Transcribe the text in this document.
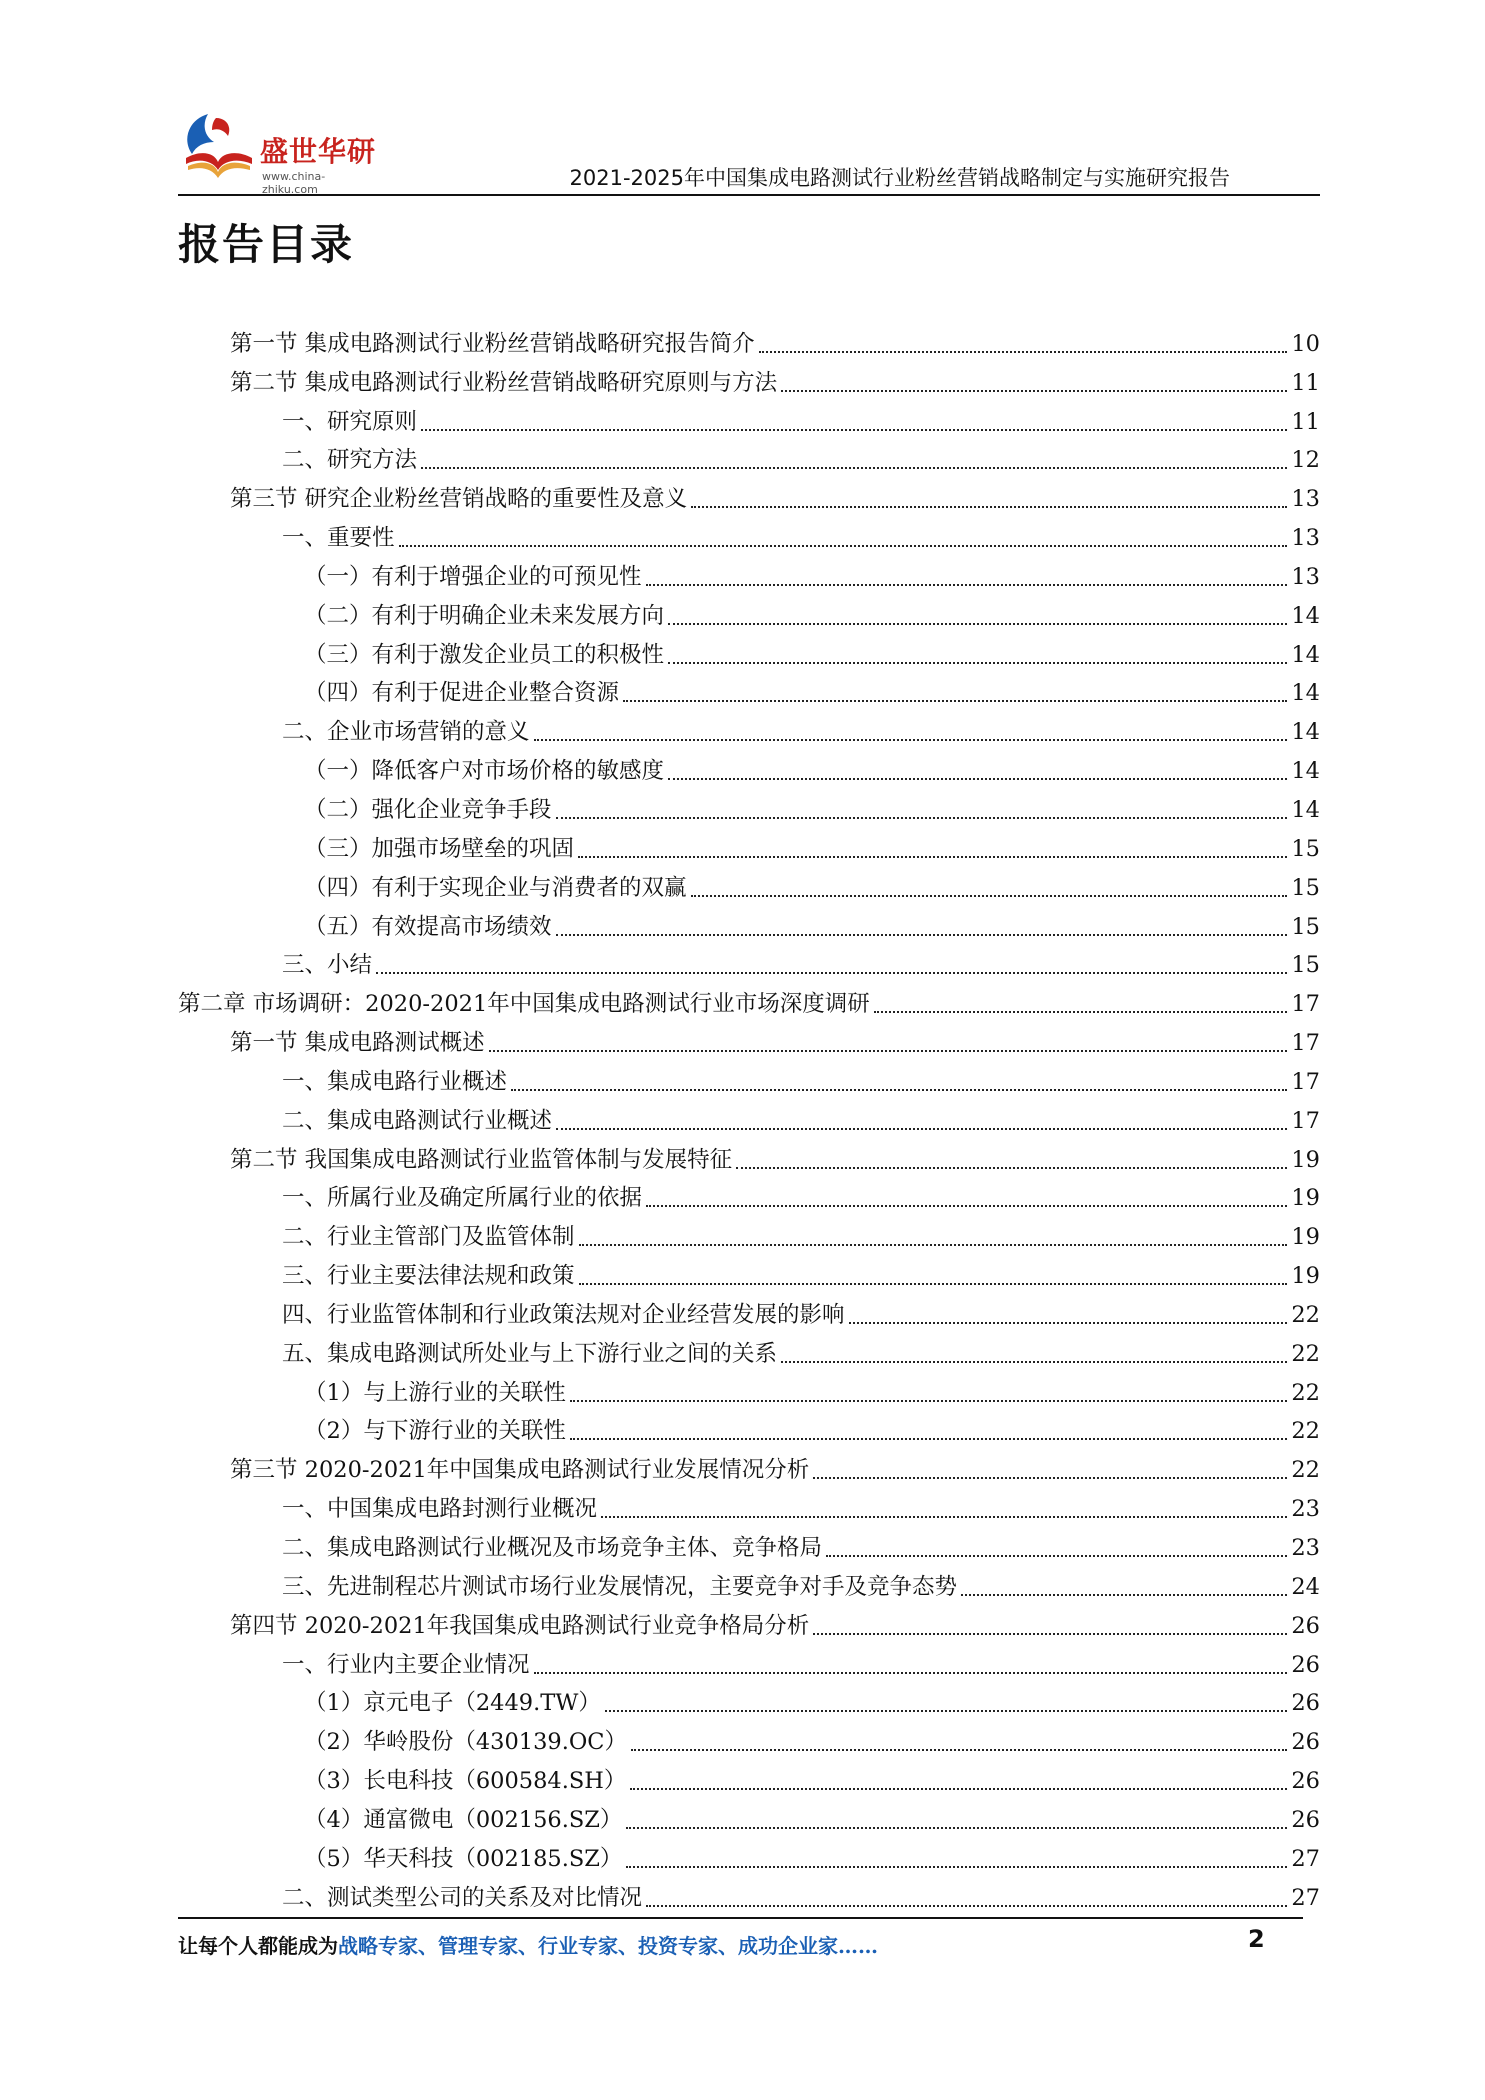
盛世华研
www.china-zhiku.com	2021-2025年中国集成电路测试行业粉丝营销战略制定与实施研究报告
报告目录
第一节 集成电路测试行业粉丝营销战略研究报告简介	10
第二节 集成电路测试行业粉丝营销战略研究原则与方法	11
一、研究原则	11
二、研究方法	12
第三节 研究企业粉丝营销战略的重要性及意义	13
一、重要性	13
（一）有利于增强企业的可预见性	13
（二）有利于明确企业未来发展方向	14
（三）有利于激发企业员工的积极性	14
（四）有利于促进企业整合资源	14
二、企业市场营销的意义	14
（一）降低客户对市场价格的敏感度	14
（二）强化企业竞争手段	14
（三）加强市场壁垒的巩固	15
（四）有利于实现企业与消费者的双赢	15
（五）有效提高市场绩效	15
三、小结	15
第二章 市场调研：2020-2021年中国集成电路测试行业市场深度调研	17
第一节 集成电路测试概述	17
一、集成电路行业概述	17
二、集成电路测试行业概述	17
第二节 我国集成电路测试行业监管体制与发展特征	19
一、所属行业及确定所属行业的依据	19
二、行业主管部门及监管体制	19
三、行业主要法律法规和政策	19
四、行业监管体制和行业政策法规对企业经营发展的影响	22
五、集成电路测试所处业与上下游行业之间的关系	22
（1）与上游行业的关联性	22
（2）与下游行业的关联性	22
第三节 2020-2021年中国集成电路测试行业发展情况分析	22
一、中国集成电路封测行业概况	23
二、集成电路测试行业概况及市场竞争主体、竞争格局	23
三、先进制程芯片测试市场行业发展情况，主要竞争对手及竞争态势	24
第四节 2020-2021年我国集成电路测试行业竞争格局分析	26
一、行业内主要企业情况	26
（1）京元电子（2449.TW）	26
（2）华岭股份（430139.OC）	26
（3）长电科技（600584.SH）	26
（4）通富微电（002156.SZ）	26
（5）华天科技（002185.SZ）	27
二、测试类型公司的关系及对比情况	27
让每个人都能成为战略专家、管理专家、行业专家、投资专家、成功企业家……	2
